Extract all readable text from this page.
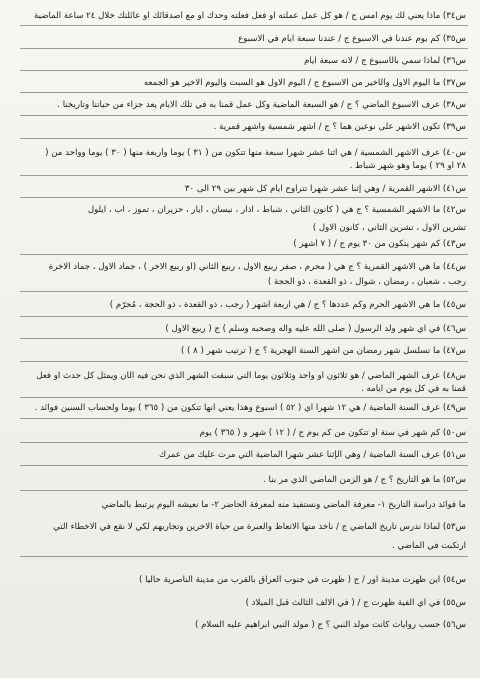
س٣٤) ماذا يعني لك يوم امس ج / هو كل عمل عملته او فعل فعلته وحدك او مع اصدقائك او عائلتك خلال ٢٤ ساعة الماضية
س٣٥) كم يوم عندنا في الاسبوع ج / عندنا سبعة ايام في الاسبوع
س٣٦) لماذا سمي بالأسبوع ج / لانه سبعة ايام
س٣٧) ما اليوم الاول والأخير من الاسبوع ج / اليوم الاول هو السبت واليوم الاخير هو الجمعه
س٣٨) عرف الاسبوع الماضي ؟ ج / هو السبعة الماضية وكل عمل قمنا به في تلك الايام يعد جزاء من حياتنا وتاريخنا .
س٣٩) تكون الاشهر على نوعين هما ؟ ج / اشهر شمسية واشهر قمرية .
س٤٠) عرف الاشهر الشمسية / هي اثنا عشر شهراً سبعة منها تتكون من ( ٣١ ) يوما وأربعة منها ( ٣٠ ) يوماً وواحد من (
٢٨ او ٢٩ ) يوما وهو شهر شباط .
س٤١) الاشهر القمرية / وهي إثنا عشر شهراً تتراوح ايام كل شهر بين ٢٩ الى ٣٠
س٤٢) ما الاشهر الشمسية ؟ ج هي ( كانون الثاني ، شباط ، اذار ، نيسان ، أيار ، حزيران ، تموز ، آب ، ايلول
تشرين الاول ، تشرين الثاني ، كانون الاول )
س٤٣) كم شهر يتكون من ٣٠ يوم ج / ( ٧ أشهر )
س٤٤) ما هي الاشهر القمرية ؟ ج هي ( محرم ، صفر ربيع الاول ، ربيع الثاني (او ربيع الاخر ) ، جماد الاول ، جماد الاخرة
رجب ، شعبان ، رمضان ، شوال ، ذو القعدة ، ذو الحجة )
س٤٥) ما هي الاشهر الحرم وكم عددها ؟ ج / هي اربعة اشهر ( رجب ، ذو القعدة ، ذو الحجة ، مُحرّم )
س٤٦) في اي شهر ولد الرسول ( صلى الله عليه واله وصحبه وسلم ) ج ( ربيع الاول )
س٤٧) ما تسلسل شهر رمضان من اشهر السنة الهجرية ؟ ج ( ترتيب شهر ( ٨ ) )
س٤٨) عرف الشهر الماضي / هو ثلاثون او واحد وثلاثون يوماً التي سبقت الشهر الذي نحن فيه الآن ويمثل كل حدث او فعل
قمنا به في كل يوم من ايامه .
س٤٩) عرف السنة الماضية / هي ١٢ شهراً اي ( ٥٢ ) اسبوع وهذا يعني انها تتكون من ( ٣٦٥ ) يوما ولحساب السنين فوائد .
س٥٠) كم شهر في سنة او تتكون من كم يوم ج / ( ١٢ ) شهر و ( ٣٦٥ ) يوم
س٥١) عرف السنة الماضية / وهي الإثنا عشر شهراً الماضية التي مرت عليك من عمرك
س٥٢) ما هو التاريخ ؟ ج / هو الزمن الماضي الذي مر بنا .
ما فوائد دراسة التاريخ ١- معرفة الماضي ونستفيد منه لمعرفة الحاضر ٢- ما نعيشه اليوم يرتبط بالماضي
س٥٣) لماذا ندرس تاريخ الماضي ج / نأخذ منها الاتعاظ والعبرة من حياة الاخرين وتجاربهم لكي لا نقع في الاخطاء التي
ارتكبت في الماضي .
س٥٤) اين ظهرت مدينة اور / ج ( ظهرت في جنوب العراق بالقرب من مدينة الناصرية حاليا )
س٥٥) في اي الفية ظهرت ج / ( في الالف الثالث قبل الميلاد )
س٥٦) حسب روايات كانت مولد النبي ؟ ج ( مولد النبي ابراهيم عليه السلام )
